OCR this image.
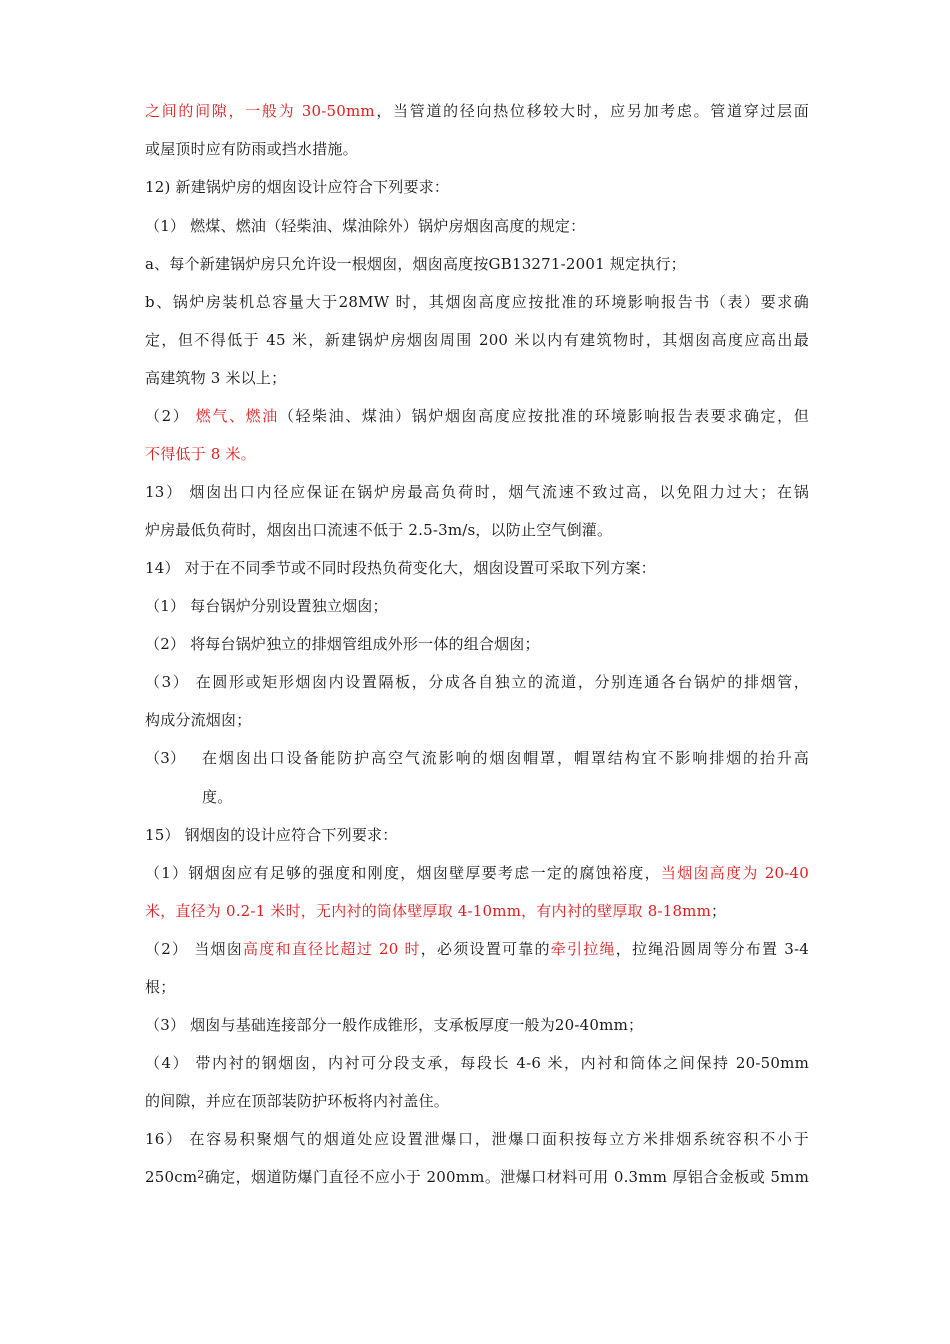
之间的间隙，一般为 30-50mm，当管道的径向热位移较大时，应另加考虑。管道穿过层面
或屋顶时应有防雨或挡水措施。
12) 新建锅炉房的烟囱设计应符合下列要求：
（1） 燃煤、燃油（轻柴油、煤油除外）锅炉房烟囱高度的规定：
a、每个新建锅炉房只允许设一根烟囱，烟囱高度按GB13271-2001 规定执行；
b、锅炉房装机总容量大于28MW 时，其烟囱高度应按批准的环境影响报告书（表）要求确
定，但不得低于 45 米，新建锅炉房烟囱周围 200 米以内有建筑物时，其烟囱高度应高出最
高建筑物 3 米以上；
（2） 燃气、燃油（轻柴油、煤油）锅炉烟囱高度应按批准的环境影响报告表要求确定，但
不得低于 8 米。
13） 烟囱出口内径应保证在锅炉房最高负荷时，烟气流速不致过高，以免阻力过大；在锅
炉房最低负荷时，烟囱出口流速不低于 2.5-3m/s，以防止空气倒灌。
14） 对于在不同季节或不同时段热负荷变化大，烟囱设置可采取下列方案：
（1） 每台锅炉分别设置独立烟囱；
（2） 将每台锅炉独立的排烟管组成外形一体的组合烟囱；
（3） 在圆形或矩形烟囱内设置隔板，分成各自独立的流道，分别连通各台锅炉的排烟管，
构成分流烟囱；
（3） 在烟囱出口设备能防护高空气流影响的烟囱帽罩，帽罩结构宜不影响排烟的抬升高
度。
15） 钢烟囱的设计应符合下列要求：
（1）钢烟囱应有足够的强度和刚度，烟囱壁厚要考虑一定的腐蚀裕度，当烟囱高度为 20-40
米，直径为 0.2-1 米时，无内衬的筒体壁厚取 4-10mm，有内衬的壁厚取 8-18mm；
（2） 当烟囱高度和直径比超过 20 时，必须设置可靠的牵引拉绳，拉绳沿圆周等分布置 3-4
根；
（3） 烟囱与基础连接部分一般作成锥形，支承板厚度一般为20-40mm；
（4） 带内衬的钢烟囱，内衬可分段支承，每段长 4-6 米，内衬和筒体之间保持 20-50mm
的间隙，并应在顶部装防护环板将内衬盖住。
16） 在容易积聚烟气的烟道处应设置泄爆口，泄爆口面积按每立方米排烟系统容积不小于
$250cm^2$确定，烟道防爆门直径不应小于 200mm。泄爆口材料可用 0.3mm 厚铝合金板或 5mm
